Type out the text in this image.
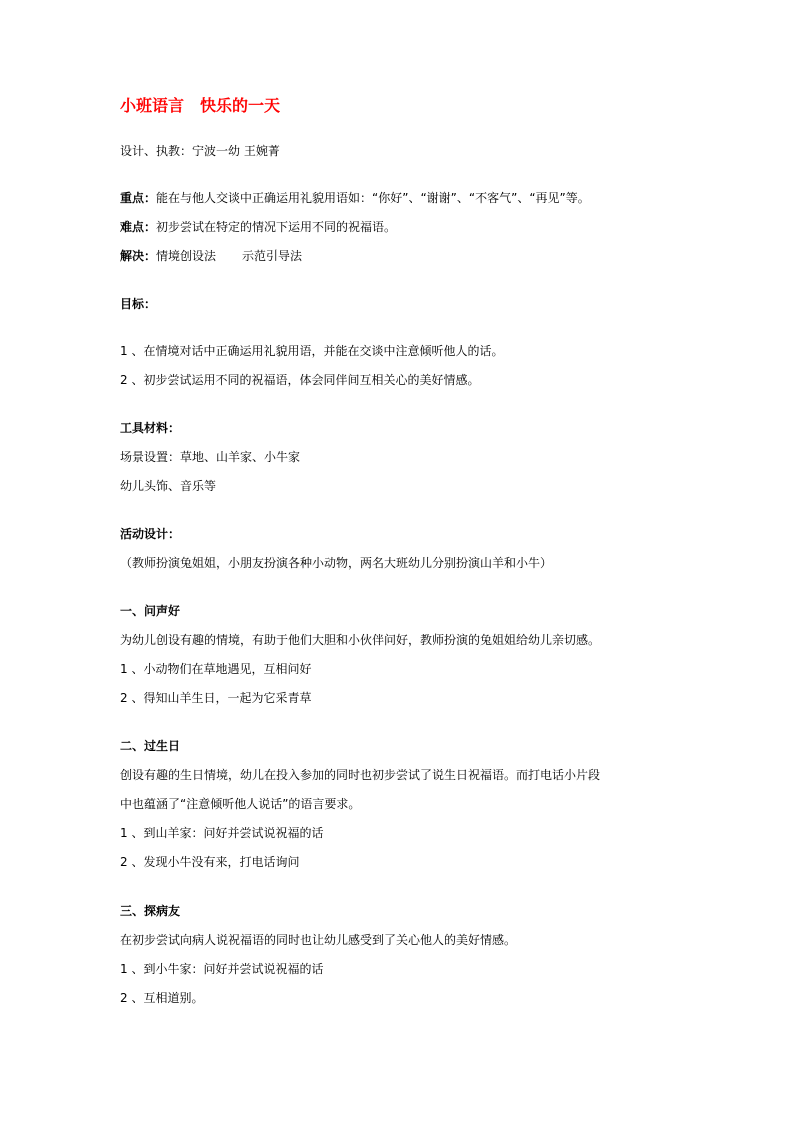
小班语言 快乐的一天
设计、执教：宁波一幼 王婉菁
重点：能在与他人交谈中正确运用礼貌用语如：“你好”、“谢谢”、“不客气”、“再见”等。
难点：初步尝试在特定的情况下运用不同的祝福语。
解决：情境创设法 示范引导法
目标：
1 、在情境对话中正确运用礼貌用语，并能在交谈中注意倾听他人的话。
2 、初步尝试运用不同的祝福语，体会同伴间互相关心的美好情感。
工具材料：
场景设置：草地、山羊家、小牛家
幼儿头饰、音乐等
活动设计：
（教师扮演兔姐姐，小朋友扮演各种小动物，两名大班幼儿分别扮演山羊和小牛）
一、问声好
为幼儿创设有趣的情境，有助于他们大胆和小伙伴问好，教师扮演的兔姐姐给幼儿亲切感。
1 、小动物们在草地遇见，互相问好
2 、得知山羊生日，一起为它采青草
二、过生日
创设有趣的生日情境，幼儿在投入参加的同时也初步尝试了说生日祝福语。而打电话小片段
中也蕴涵了“注意倾听他人说话”的语言要求。
1 、到山羊家：问好并尝试说祝福的话
2 、发现小牛没有来，打电话询问
三、探病友
在初步尝试向病人说祝福语的同时也让幼儿感受到了关心他人的美好情感。
1 、到小牛家：问好并尝试说祝福的话
2 、互相道别。
